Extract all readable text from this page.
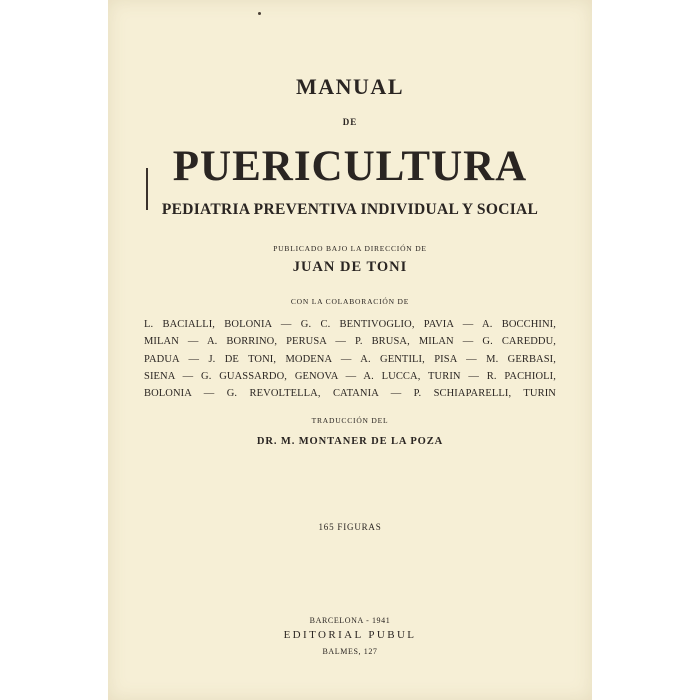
MANUAL
DE
PUERICULTURA
PEDIATRIA PREVENTIVA INDIVIDUAL Y SOCIAL
PUBLICADO BAJO LA DIRECCIÓN DE
JUAN DE TONI
CON LA COLABORACIÓN DE
L. BACIALLI, BOLONIA — G. C. BENTIVOGLIO, PAVIA — A. BOCCHINI,
MILAN — A. BORRINO, PERUSA — P. BRUSA, MILAN — G. CAREDDU,
PADUA — J. DE TONI, MODENA — A. GENTILI, PISA — M. GERBASI,
SIENA — G. GUASSARDO, GENOVA — A. LUCCA, TURIN — R. PACHIOLI,
BOLONIA — G. REVOLTELLA, CATANIA — P. SCHIAPARELLI, TURIN
TRADUCCIÓN DEL
DR. M. MONTANER DE LA POZA
165 FIGURAS
BARCELONA - 1941
EDITORIAL PUBUL
BALMES, 127
